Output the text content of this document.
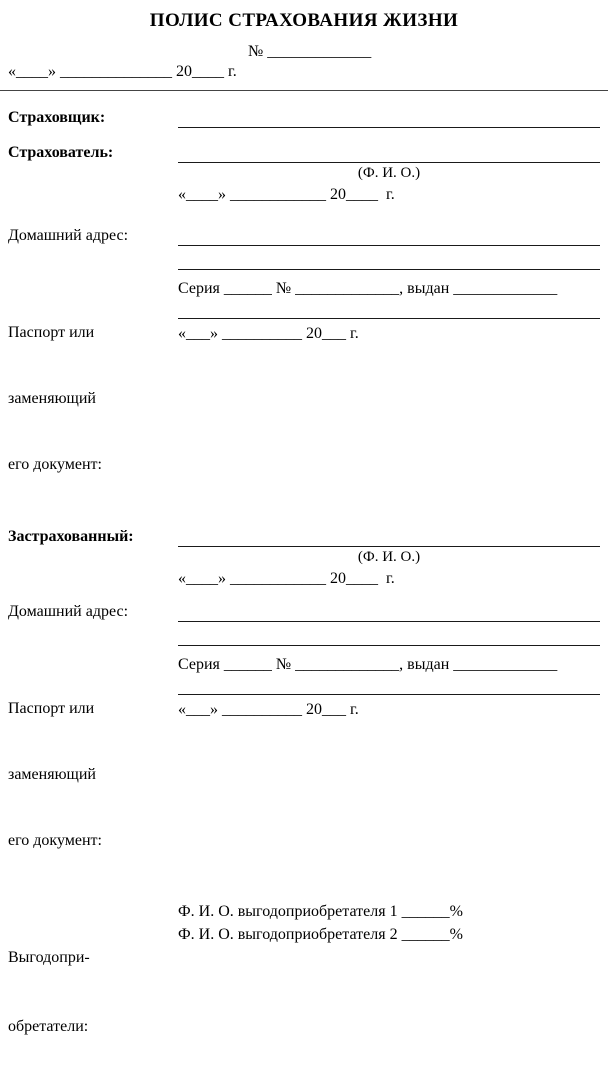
ПОЛИС СТРАХОВАНИЯ ЖИЗНИ
№ _____________
«____» ______________ 20____ г.
Страховщик:
Страхователь:
(Ф. И. О.)
«____» ____________ 20____  г.
Домашний адрес:

Паспорт или

заменяющий

его документ:

Серия ______ № _____________, выдан _____________
«___» __________ 20___ г.
Застрахованный:
(Ф. И. О.)
«____» ____________ 20____  г.
Домашний адрес:

Паспорт или

заменяющий

его документ:

Серия ______ № _____________, выдан _____________
«___» __________ 20___ г.

Выгодопри-

обретатели:

Ф. И. О. выгодоприобретателя 1 ______%
Ф. И. О. выгодоприобретателя 2 ______%
